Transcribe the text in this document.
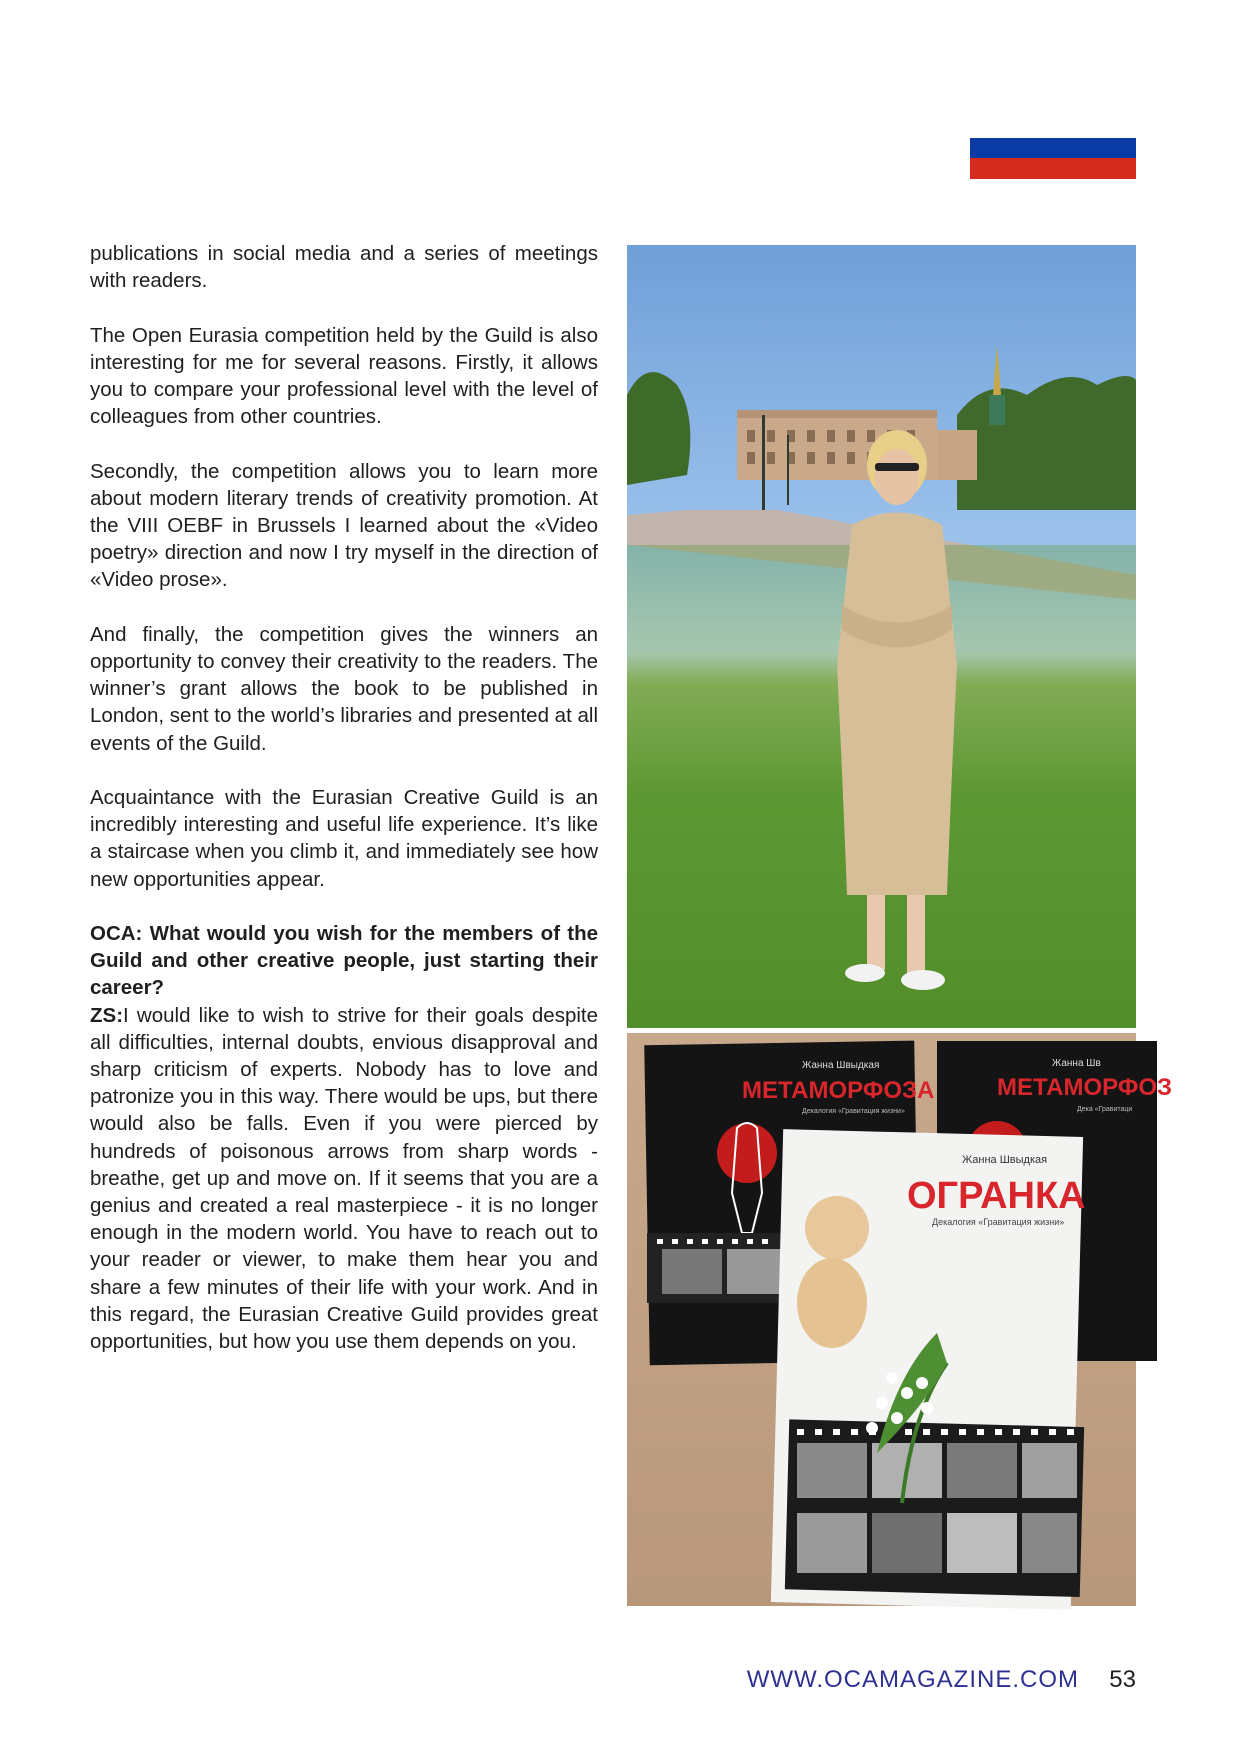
publications in social media and a series of meetings with readers.

The Open Eurasia competition held by the Guild is also interesting for me for several reasons. Firstly, it allows you to compare your professional level with the level of colleagues from other countries.

Secondly, the competition allows you to learn more about modern literary trends of creativity promotion. At the VIII OEBF in Brussels I learned about the «Video poetry» direction and now I try myself in the direction of «Video prose».

And finally, the competition gives the winners an opportunity to convey their creativity to the readers. The winner’s grant allows the book to be published in London, sent to the world’s libraries and presented at all events of the Guild.

Acquaintance with the Eurasian Creative Guild is an incredibly interesting and useful life experience. It’s like a staircase when you climb it, and immediately see how new opportunities appear.

OCA: What would you wish for the members of the Guild and other creative people, just starting their career?

ZS:I would like to wish to strive for their goals despite all difficulties, internal doubts, envious disapproval and sharp criticism of experts. Nobody has to love and patronize you in this way. There would be ups, but there would also be falls. Even if you were pierced by hundreds of poisonous arrows from sharp words - breathe, get up and move on. If it seems that you are a genius and created a real masterpiece - it is no longer enough in the modern world. You have to reach out to your reader or viewer, to make them hear you and share a few minutes of their life with your work. And in this regard, the Eurasian Creative Guild provides great opportunities, but how you use them depends on you.

Жанна Швыдкая
МЕТАМОРФОЗА
Декалогия «Гравитация жизни»
Жанна Шв
МЕТАМОРФОЗ
Дека «Гравитаци
Жанна Швыдкая
ОГРАНКА
Декалогия «Гравитация жизни»
WWW.OCAMAGAZINE.COM 53
